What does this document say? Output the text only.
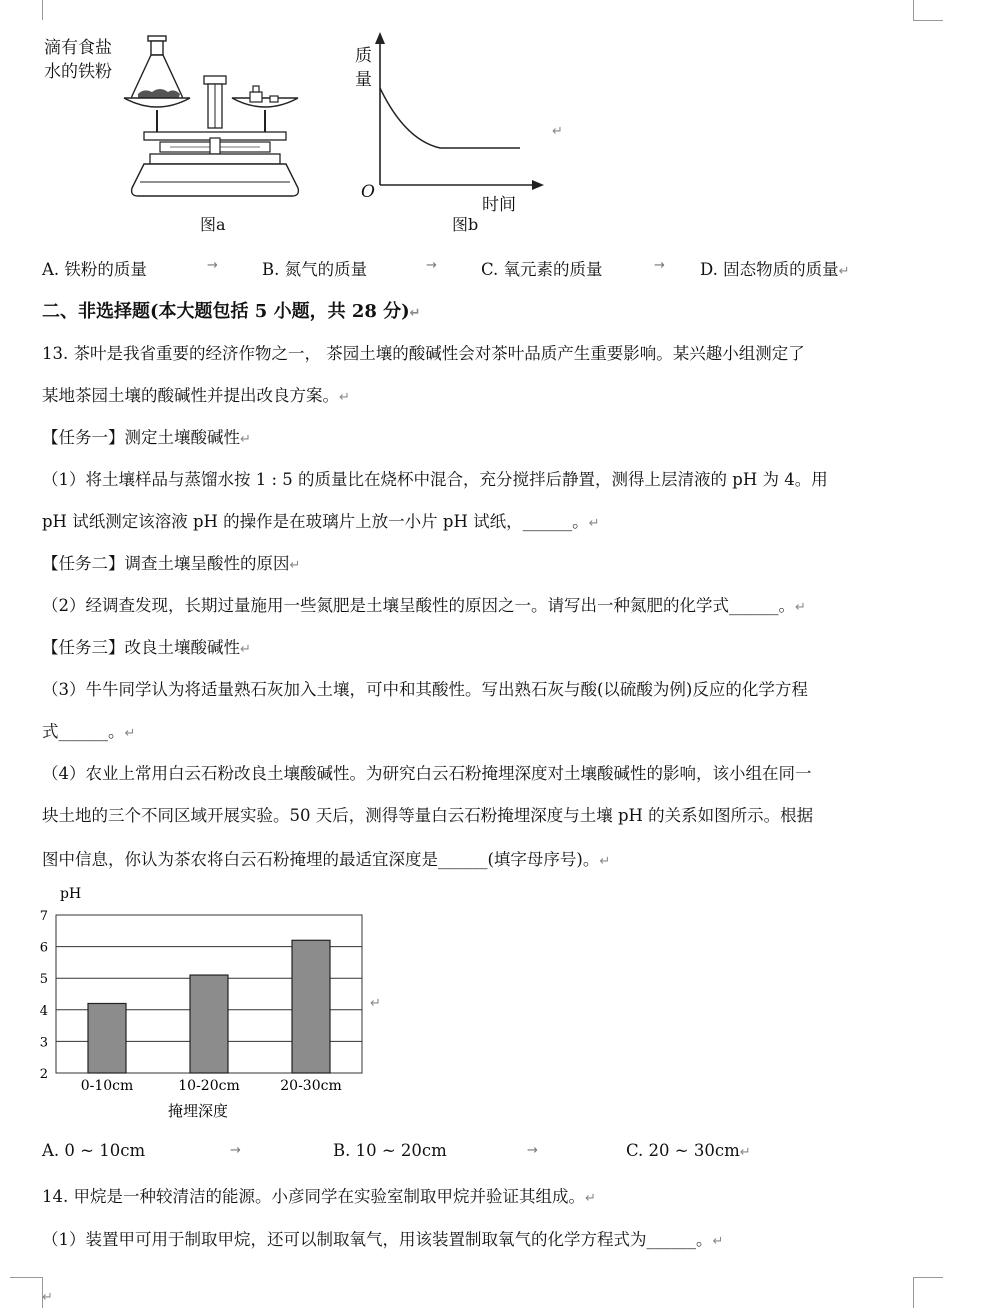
滴有食盐
水的铁粉
图a
质
量
O
时间
图b
↵
A. 铁粉的质量	→	B. 氮气的质量	→	C. 氧元素的质量	→ D. 固态物质的质量↵
二、非选择题(本大题包括 5 小题，共 28 分)↵
13. 茶叶是我省重要的经济作物之一， 茶园土壤的酸碱性会对茶叶品质产生重要影响。某兴趣小组测定了
某地茶园土壤的酸碱性并提出改良方案。↵
【任务一】测定土壤酸碱性↵
（1）将土壤样品与蒸馏水按 1 : 5 的质量比在烧杯中混合，充分搅拌后静置，测得上层清液的 pH 为 4。用
pH 试纸测定该溶液 pH 的操作是在玻璃片上放一小片 pH 试纸，______。↵
【任务二】调查土壤呈酸性的原因↵
（2）经调查发现，长期过量施用一些氮肥是土壤呈酸性的原因之一。请写出一种氮肥的化学式______。↵
【任务三】改良土壤酸碱性↵
（3）牛牛同学认为将适量熟石灰加入土壤，可中和其酸性。写出熟石灰与酸(以硫酸为例)反应的化学方程
式______。↵
（4）农业上常用白云石粉改良土壤酸碱性。为研究白云石粉掩埋深度对土壤酸碱性的影响，该小组在同一
块土地的三个不同区域开展实验。50 天后，测得等量白云石粉掩埋深度与土壤 pH 的关系如图所示。根据
图中信息，你认为茶农将白云石粉掩埋的最适宜深度是______(填字母序号)。↵
pH
2
3
4
5
6
7
0-10cm	10-20cm	20-30cm
掩埋深度
↵
A. 0 ~ 10cm	→	B. 10 ~ 20cm	→	C. 20 ~ 30cm↵
14. 甲烷是一种较清洁的能源。小彦同学在实验室制取甲烷并验证其组成。↵
（1）装置甲可用于制取甲烷，还可以制取氧气，用该装置制取氧气的化学方程式为______。↵
↵
